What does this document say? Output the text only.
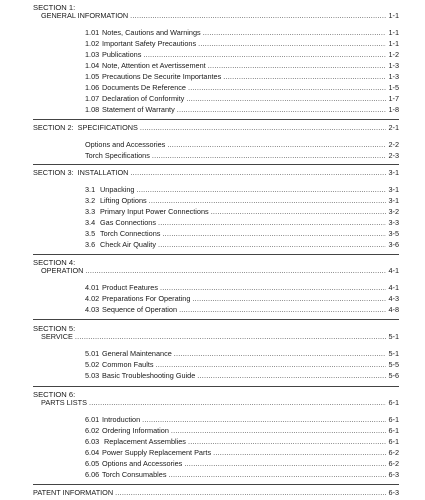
SECTION 1:
GENERAL INFORMATION .....	1-1
1.01 Notes, Cautions and Warnings .....	1-1
1.02 Important Safety Precautions .....	1-1
1.03 Publications .....	1-2
1.04 Note, Attention et Avertissement .....	1-3
1.05 Precautions De Securite Importantes .....	1-3
1.06 Documents De Reference .....	1-5
1.07 Declaration of Conformity .....	1-7
1.08 Statement of Warranty .....	1-8
SECTION 2: SPECIFICATIONS .....	2-1
Options and Accessories .....	2-2
Torch Specifications .....	2-3
SECTION 3: INSTALLATION .....	3-1
3.1 Unpacking .....	3-1
3.2 Lifting Options .....	3-1
3.3 Primary Input Power Connections .....	3-2
3.4 Gas Connections .....	3-3
3.5 Torch Connections .....	3-5
3.6 Check Air Quality .....	3-6
SECTION 4:
OPERATION .....	4-1
4.01 Product Features .....	4-1
4.02 Preparations For Operating .....	4-3
4.03 Sequence of Operation .....	4-8
SECTION 5:
SERVICE .....	5-1
5.01 General Maintenance .....	5-1
5.02 Common Faults .....	5-5
5.03 Basic Troubleshooting Guide .....	5-6
SECTION 6:
PARTS LISTS .....	6-1
6.01 Introduction .....	6-1
6.02 Ordering Information .....	6-1
6.03 Replacement Assemblies .....	6-1
6.04 Power Supply Replacement Parts .....	6-2
6.05 Options and Accessories .....	6-2
6.06 Torch Consumables .....	6-3
PATENT INFORMATION .....	6-3
